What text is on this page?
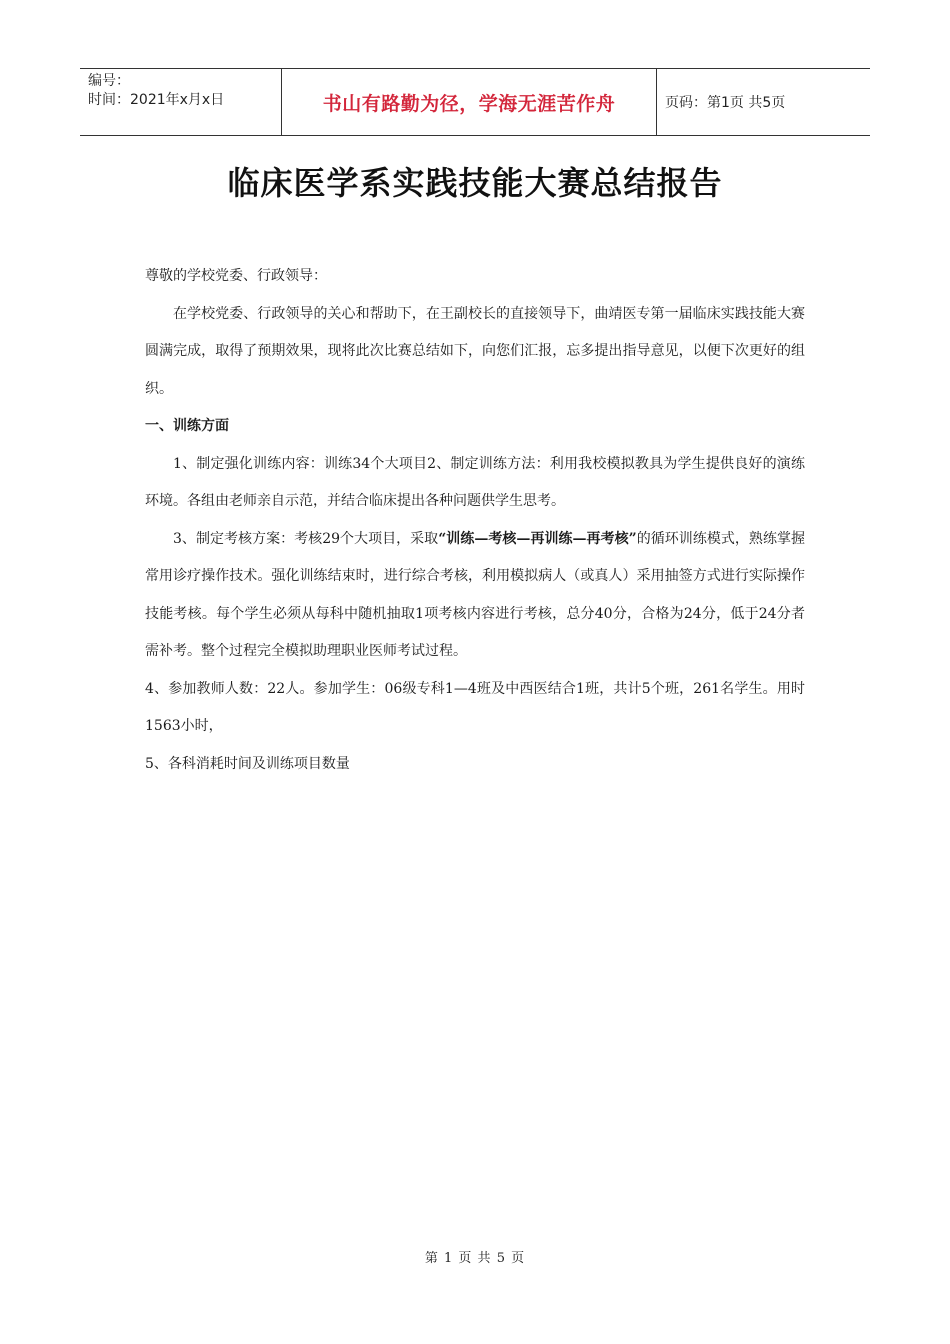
编号：
时间：2021年x月x日	书山有路勤为径，学海无涯苦作舟	页码：第1页 共5页
临床医学系实践技能大赛总结报告

尊敬的学校党委、行政领导：

在学校党委、行政领导的关心和帮助下，在王副校长的直接领导下，曲靖医专第一届临床实践技能大赛圆满完成，取得了预期效果，现将此次比赛总结如下，向您们汇报，忘多提出指导意见，以便下次更好的组织。

一、训练方面

1、制定强化训练内容：训练34个大项目2、制定训练方法：利用我校模拟教具为学生提供良好的演练环境。各组由老师亲自示范，并结合临床提出各种问题供学生思考。

3、制定考核方案：考核29个大项目，采取“训练—考核—再训练—再考核”的循环训练模式，熟练掌握常用诊疗操作技术。强化训练结束时，进行综合考核，利用模拟病人（或真人）采用抽签方式进行实际操作技能考核。每个学生必须从每科中随机抽取1项考核内容进行考核，总分40分，合格为24分，低于24分者需补考。整个过程完全模拟助理职业医师考试过程。

4、参加教师人数：22人。参加学生：06级专科1—4班及中西医结合1班，共计5个班，261名学生。用时1563小时，

5、各科消耗时间及训练项目数量

第 1 页 共 5 页
